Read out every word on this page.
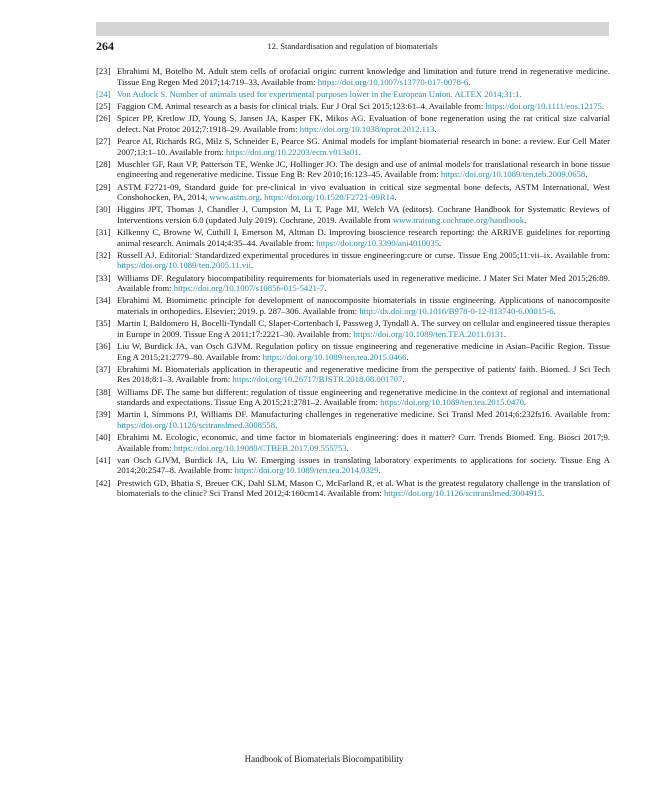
264	12. Standardisation and regulation of biomaterials
[23] Ebrahimi M, Botelho M. Adult stem cells of orofacial origin: current knowledge and limitation and future trend in regenerative medicine. Tissue Eng Regen Med 2017;14:719–33. Available from: https://doi.org/10.1007/s13770-017-0078-6.
[24] Von Aulock S. Number of animals used for experimental purposes lower in the European Union. ALTEX 2014;31:1.
[25] Faggion CM. Animal research as a basis for clinical trials. Eur J Oral Sci 2015;123:61–4. Available from: https://doi.org/10.1111/eos.12175.
[26] Spicer PP, Kretlow JD, Young S, Jansen JA, Kasper FK, Mikos AG. Evaluation of bone regeneration using the rat critical size calvarial defect. Nat Protoc 2012;7:1918–29. Available from: https://doi.org/10.1038/nprot.2012.113.
[27] Pearce AI, Richards RG, Milz S, Schneider E, Pearce SG. Animal models for implant biomaterial research in bone: a review. Eur Cell Mater 2007;13:1–10. Available from: https://doi.org/10.22203/ecm.v013a01.
[28] Muschler GF, Raut VP, Patterson TE, Wenke JC, Hollinger JO. The design and use of animal models for translational research in bone tissue engineering and regenerative medicine. Tissue Eng B: Rev 2010;16:123–45. Available from: https://doi.org/10.1089/ten.teb.2009.0658.
[29] ASTM F2721-09, Standard guide for pre-clinical in vivo evaluation in critical size segmental bone defects, ASTM International, West Conshohocken, PA, 2014, www.astm.org. https://doi.org/10.1520/F2721-09R14.
[30] Higgins JPT, Thomas J, Chandler J, Cumpston M, Li T, Page MJ, Welch VA (editors). Cochrane Handbook for Systematic Reviews of Interventions version 6.0 (updated July 2019). Cochrane, 2019. Available from www.training.cochrane.org/handbook.
[31] Kilkenny C, Browne W, Cuthill I, Emerson M, Altman D. Improving bioscience research reporting: the ARRIVE guidelines for reporting animal research. Animals 2014;4:35–44. Available from: https://doi.org/10.3390/ani4010035.
[32] Russell AJ. Editorial: Standardized experimental procedures in tissue engineering:cure or curse. Tissue Eng 2005;11:vii–ix. Available from: https://doi.org/10.1089/ten.2005.11.vii.
[33] Williams DF. Regulatory biocompatibility requirements for biomaterials used in regenerative medicine. J Mater Sci Mater Med 2015;26:89. Available from: https://doi.org/10.1007/s10856-015-5421-7.
[34] Ebrahimi M. Biomimetic principle for development of nanocomposite biomaterials in tissue engineering. Applications of nanocomposite materials in orthopedics. Elsevier; 2019. p. 287–306. Available from: http://dx.doi.org/10.1016/B978-0-12-813740-6.00015-6.
[35] Martin I, Baldomero H, Bocelli-Tyndall C, Slaper-Cortenbach I, Passweg J, Tyndall A. The survey on cellular and engineered tissue therapies in Europe in 2009. Tissue Eng A 2011;17:2221–30. Available from: https://doi.org/10.1089/ten.TEA.2011.0131.
[36] Liu W, Burdick JA, van Osch GJVM. Regulation policy on tissue engineering and regenerative medicine in Asian–Pacific Region. Tissue Eng A 2015;21:2779–80. Available from: https://doi.org/10.1089/ten.tea.2015.0466.
[37] Ebrahimi M. Biomaterials application in therapeutic and regenerative medicine from the perspective of patients' faith. Biomed. J Sci Tech Res 2018;8:1–3. Available from: https://doi.org/10.26717/BJSTR.2018.08.001707.
[38] Williams DF. The same but different: regulation of tissue engineering and regenerative medicine in the context of regional and international standards and expectations. Tissue Eng A 2015;21:2781–2. Available from: https://doi.org/10.1089/ten.tea.2015.0470.
[39] Martin I, Simmons PJ, Williams DF. Manufacturing challenges in regenerative medicine. Sci Transl Med 2014;6:232fs16. Available from: https://doi.org/10.1126/scitranslmed.3008558.
[40] Ebrahimi M. Ecologic, economic, and time factor in biomaterials engineering: does it matter? Curr. Trends Biomed. Eng. Biosci 2017;9. Available from: https://doi.org/10.19080/CTBEB.2017.09.555753.
[41] van Osch GJVM, Burdick JA, Liu W. Emerging issues in translating laboratory experiments to applications for society. Tissue Eng A 2014;20:2547–8. Available from: https://doi.org/10.1089/ten.tea.2014.0329.
[42] Prestwich GD, Bhatia S, Breuer CK, Dahl SLM, Mason C, McFarland R, et al. What is the greatest regulatory challenge in the translation of biomaterials to the clinic? Sci Transl Med 2012;4:160cm14. Available from: https://doi.org/10.1126/scitranslmed.3004915.
Handbook of Biomaterials Biocompatibility
